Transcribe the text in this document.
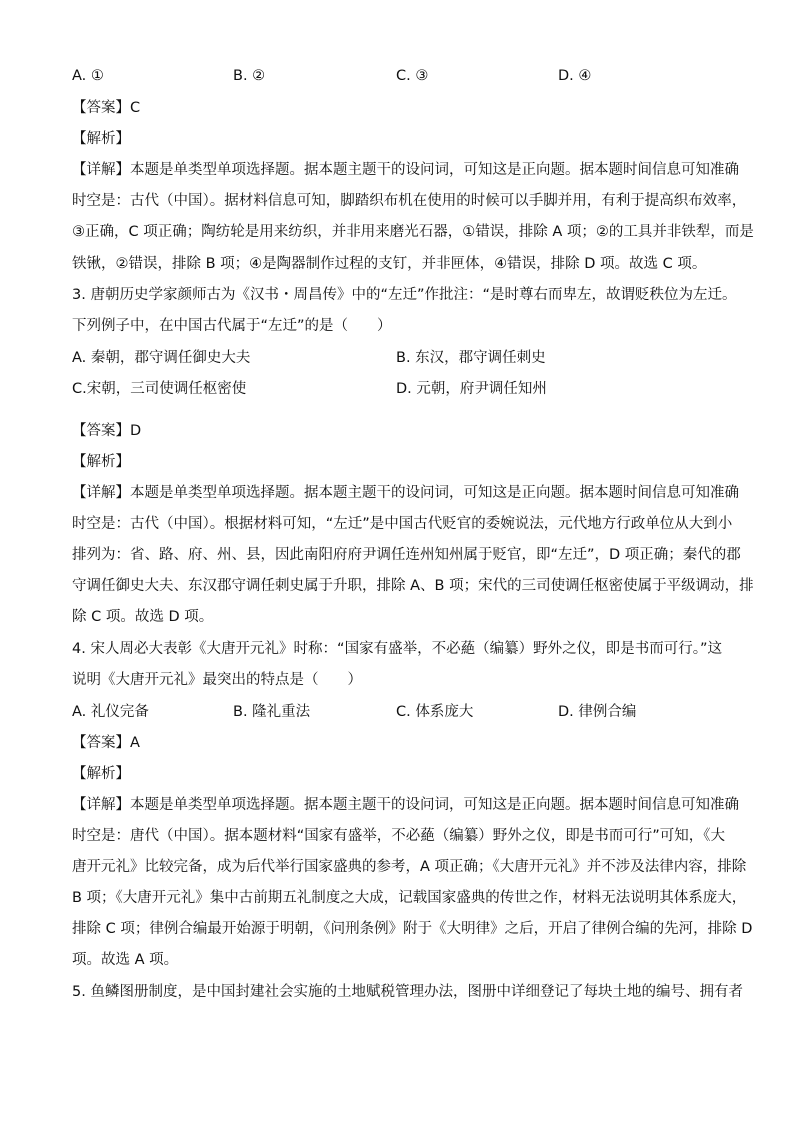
A. ①	B. ②	C. ③	D. ④
【答案】C
【解析】
【详解】本题是单类型单项选择题。据本题主题干的设问词，可知这是正向题。据本题时间信息可知准确
时空是：古代（中国）。据材料信息可知，脚踏织布机在使用的时候可以手脚并用，有利于提高织布效率，
③正确，C 项正确；陶纺轮是用来纺织，并非用来磨光石器，①错误，排除 A 项；②的工具并非铁犁，而是
铁锹，②错误，排除 B 项；④是陶器制作过程的支钉，并非匣体，④错误，排除 D 项。故选 C 项。
3. 唐朝历史学家颜师古为《汉书・周昌传》中的“左迁”作批注：“是时尊右而卑左，故谓贬秩位为左迁。
下列例子中，在中国古代属于“左迁”的是（　　）
A. 秦朝，郡守调任御史大夫	B. 东汉，郡守调任刺史
C.宋朝，三司使调任枢密使	D. 元朝，府尹调任知州
【答案】D
【解析】
【详解】本题是单类型单项选择题。据本题主题干的设问词，可知这是正向题。据本题时间信息可知准确
时空是：古代（中国）。根据材料可知，“左迁”是中国古代贬官的委婉说法，元代地方行政单位从大到小
排列为：省、路、府、州、县，因此南阳府府尹调任连州知州属于贬官，即“左迁”，D 项正确；秦代的郡
守调任御史大夫、东汉郡守调任刺史属于升职，排除 A、B 项；宋代的三司使调任枢密使属于平级调动，排
除 C 项。故选 D 项。
4. 宋人周必大表彰《大唐开元礼》时称：“国家有盛举，不必蕝（编纂）野外之仪，即是书而可行。”这
说明《大唐开元礼》最突出的特点是（　　）
A. 礼仪完备	B. 隆礼重法	C. 体系庞大	D. 律例合编
【答案】A
【解析】
【详解】本题是单类型单项选择题。据本题主题干的设问词，可知这是正向题。据本题时间信息可知准确
时空是：唐代（中国）。据本题材料“国家有盛举，不必蕝（编纂）野外之仪，即是书而可行”可知，《大
唐开元礼》比较完备，成为后代举行国家盛典的参考，A 项正确；《大唐开元礼》并不涉及法律内容，排除
B 项；《大唐开元礼》集中古前期五礼制度之大成，记载国家盛典的传世之作，材料无法说明其体系庞大，
排除 C 项；律例合编最开始源于明朝，《问刑条例》附于《大明律》之后，开启了律例合编的先河，排除 D
项。故选 A 项。
5. 鱼鳞图册制度，是中国封建社会实施的土地赋税管理办法，图册中详细登记了每块土地的编号、拥有者
